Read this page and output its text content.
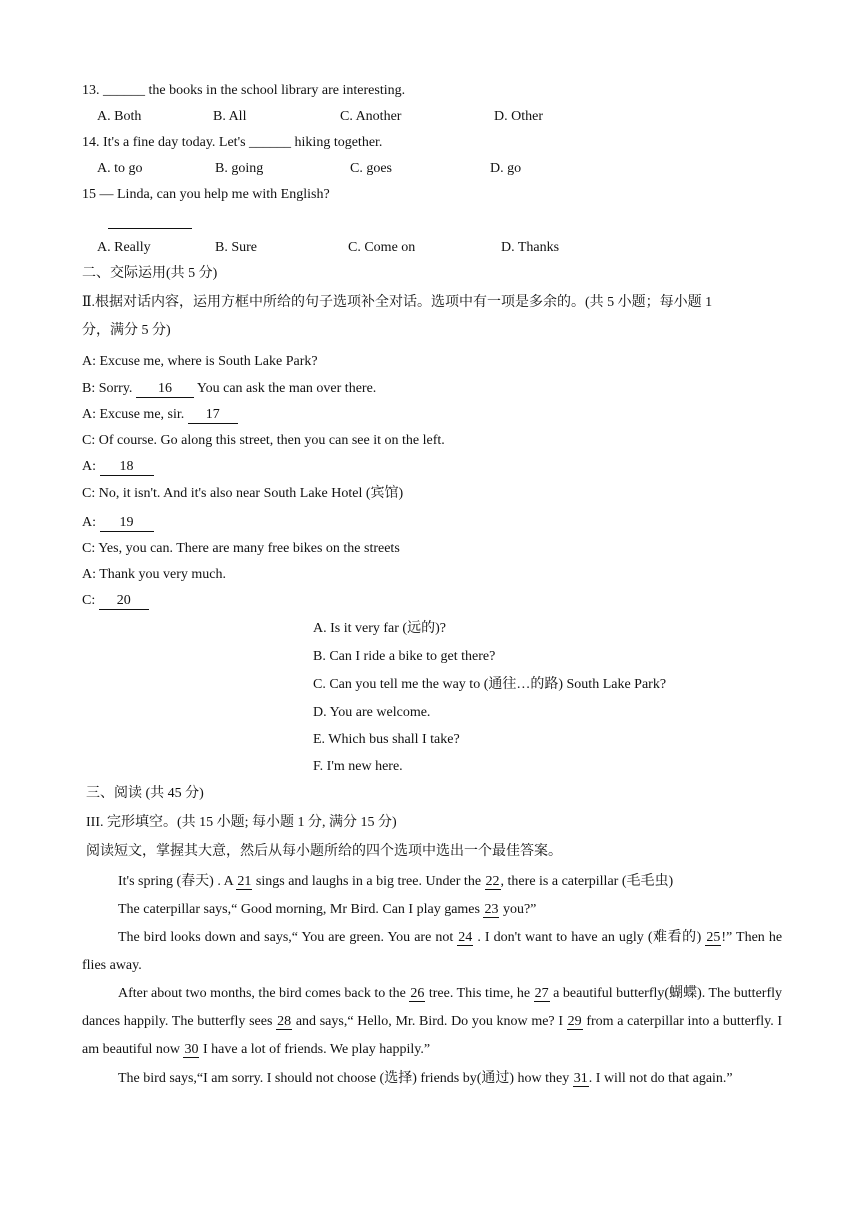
13. ______ the books in the school library are interesting.
A. Both	B. All	C. Another	D. Other
14. It's a fine day today. Let's ______ hiking together.
A. to go	B. going	C. goes	D. go
15 — Linda, can you help me with English?
A. Really	B. Sure	C. Come on	D. Thanks
二、交际运用(共 5 分)
Ⅱ.根据对话内容，运用方框中所给的句子选项补全对话。选项中有一项是多余的。(共 5 小题；每小题 1
分，满分 5 分)
A: Excuse me, where is South Lake Park?
B: Sorry. 16 You can ask the man over there.
A: Excuse me, sir. 17
C: Of course. Go along this street, then you can see it on the left.
A: 18
C: No, it isn't. And it's also near South Lake Hotel (宾馆)
A: 19
C: Yes, you can. There are many free bikes on the streets
A: Thank you very much.
C: 20
A. Is it very far (远的)?
B. Can I ride a bike to get there?
C. Can you tell me the way to (通往…的路) South Lake Park?
D. You are welcome.
E. Which bus shall I take?
F. I'm new here.
三、阅读 (共 45 分)
III. 完形填空。(共 15 小题; 每小题 1 分, 满分 15 分)
阅读短文，掌握其大意，然后从每小题所给的四个选项中选出一个最佳答案。
It's spring (春天) . A 21 sings and laughs in a big tree. Under the 22, there is a caterpillar (毛毛虫)
The caterpillar says,“ Good morning, Mr Bird. Can I play games 23 you?”
The bird looks down and says,“ You are green. You are not 24 . I don't want to have an ugly (难看的) 25!” Then he flies away.
After about two months, the bird comes back to the 26 tree. This time, he 27 a beautiful butterfly(蝴蝶). The butterfly dances happily. The butterfly sees 28 and says,“ Hello, Mr. Bird. Do you know me? I 29 from a caterpillar into a butterfly. I am beautiful now 30 I have a lot of friends. We play happily.”
The bird says,“I am sorry. I should not choose (选择) friends by(通过) how they 31. I will not do that again.”
